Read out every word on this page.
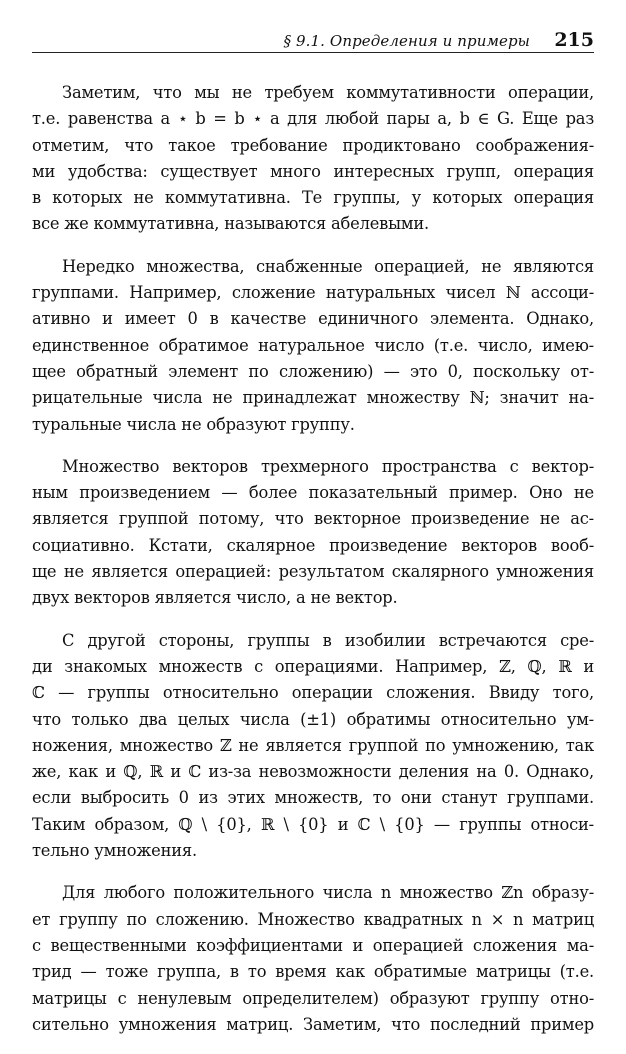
§ 9.1. Определения и примеры 215
Заметим, что мы не требуем коммутативности операции,
т.е. равенства a ⋆ b = b ⋆ a для любой пары a, b ∈ G. Еще раз
отметим, что такое требование продиктовано соображения-
ми удобства: существует много интересных групп, операция
в которых не коммутативна. Те группы, у которых операция
все же коммутативна, называются абелевыми.
Нередко множества, снабженные операцией, не являются
группами. Например, сложение натуральных чисел ℕ ассоци-
ативно и имеет 0 в качестве единичного элемента. Однако,
единственное обратимое натуральное число (т.е. число, имею-
щее обратный элемент по сложению) — это 0, поскольку от-
рицательные числа не принадлежат множеству ℕ; значит на-
туральные числа не образуют группу.
Множество векторов трехмерного пространства с вектор-
ным произведением — более показательный пример. Оно не
является группой потому, что векторное произведение не ас-
социативно. Кстати, скалярное произведение векторов вооб-
ще не является операцией: результатом скалярного умножения
двух векторов является число, а не вектор.
С другой стороны, группы в изобилии встречаются сре-
ди знакомых множеств с операциями. Например, ℤ, ℚ, ℝ и
ℂ — группы относительно операции сложения. Ввиду того,
что только два целых числа (±1) обратимы относительно ум-
ножения, множество ℤ не является группой по умножению, так
же, как и ℚ, ℝ и ℂ из-за невозможности деления на 0. Однако,
если выбросить 0 из этих множеств, то они станут группами.
Таким образом, ℚ \ {0}, ℝ \ {0} и ℂ \ {0} — группы относи-
тельно умножения.
Для любого положительного числа n множество ℤn образу-
ет группу по сложению. Множество квадратных n × n матриц
с вещественными коэффициентами и операцией сложения ма-
трид — тоже группа, в то время как обратимые матрицы (т.е.
матрицы с ненулевым определителем) образуют группу отно-
сительно умножения матриц. Заметим, что последний пример
